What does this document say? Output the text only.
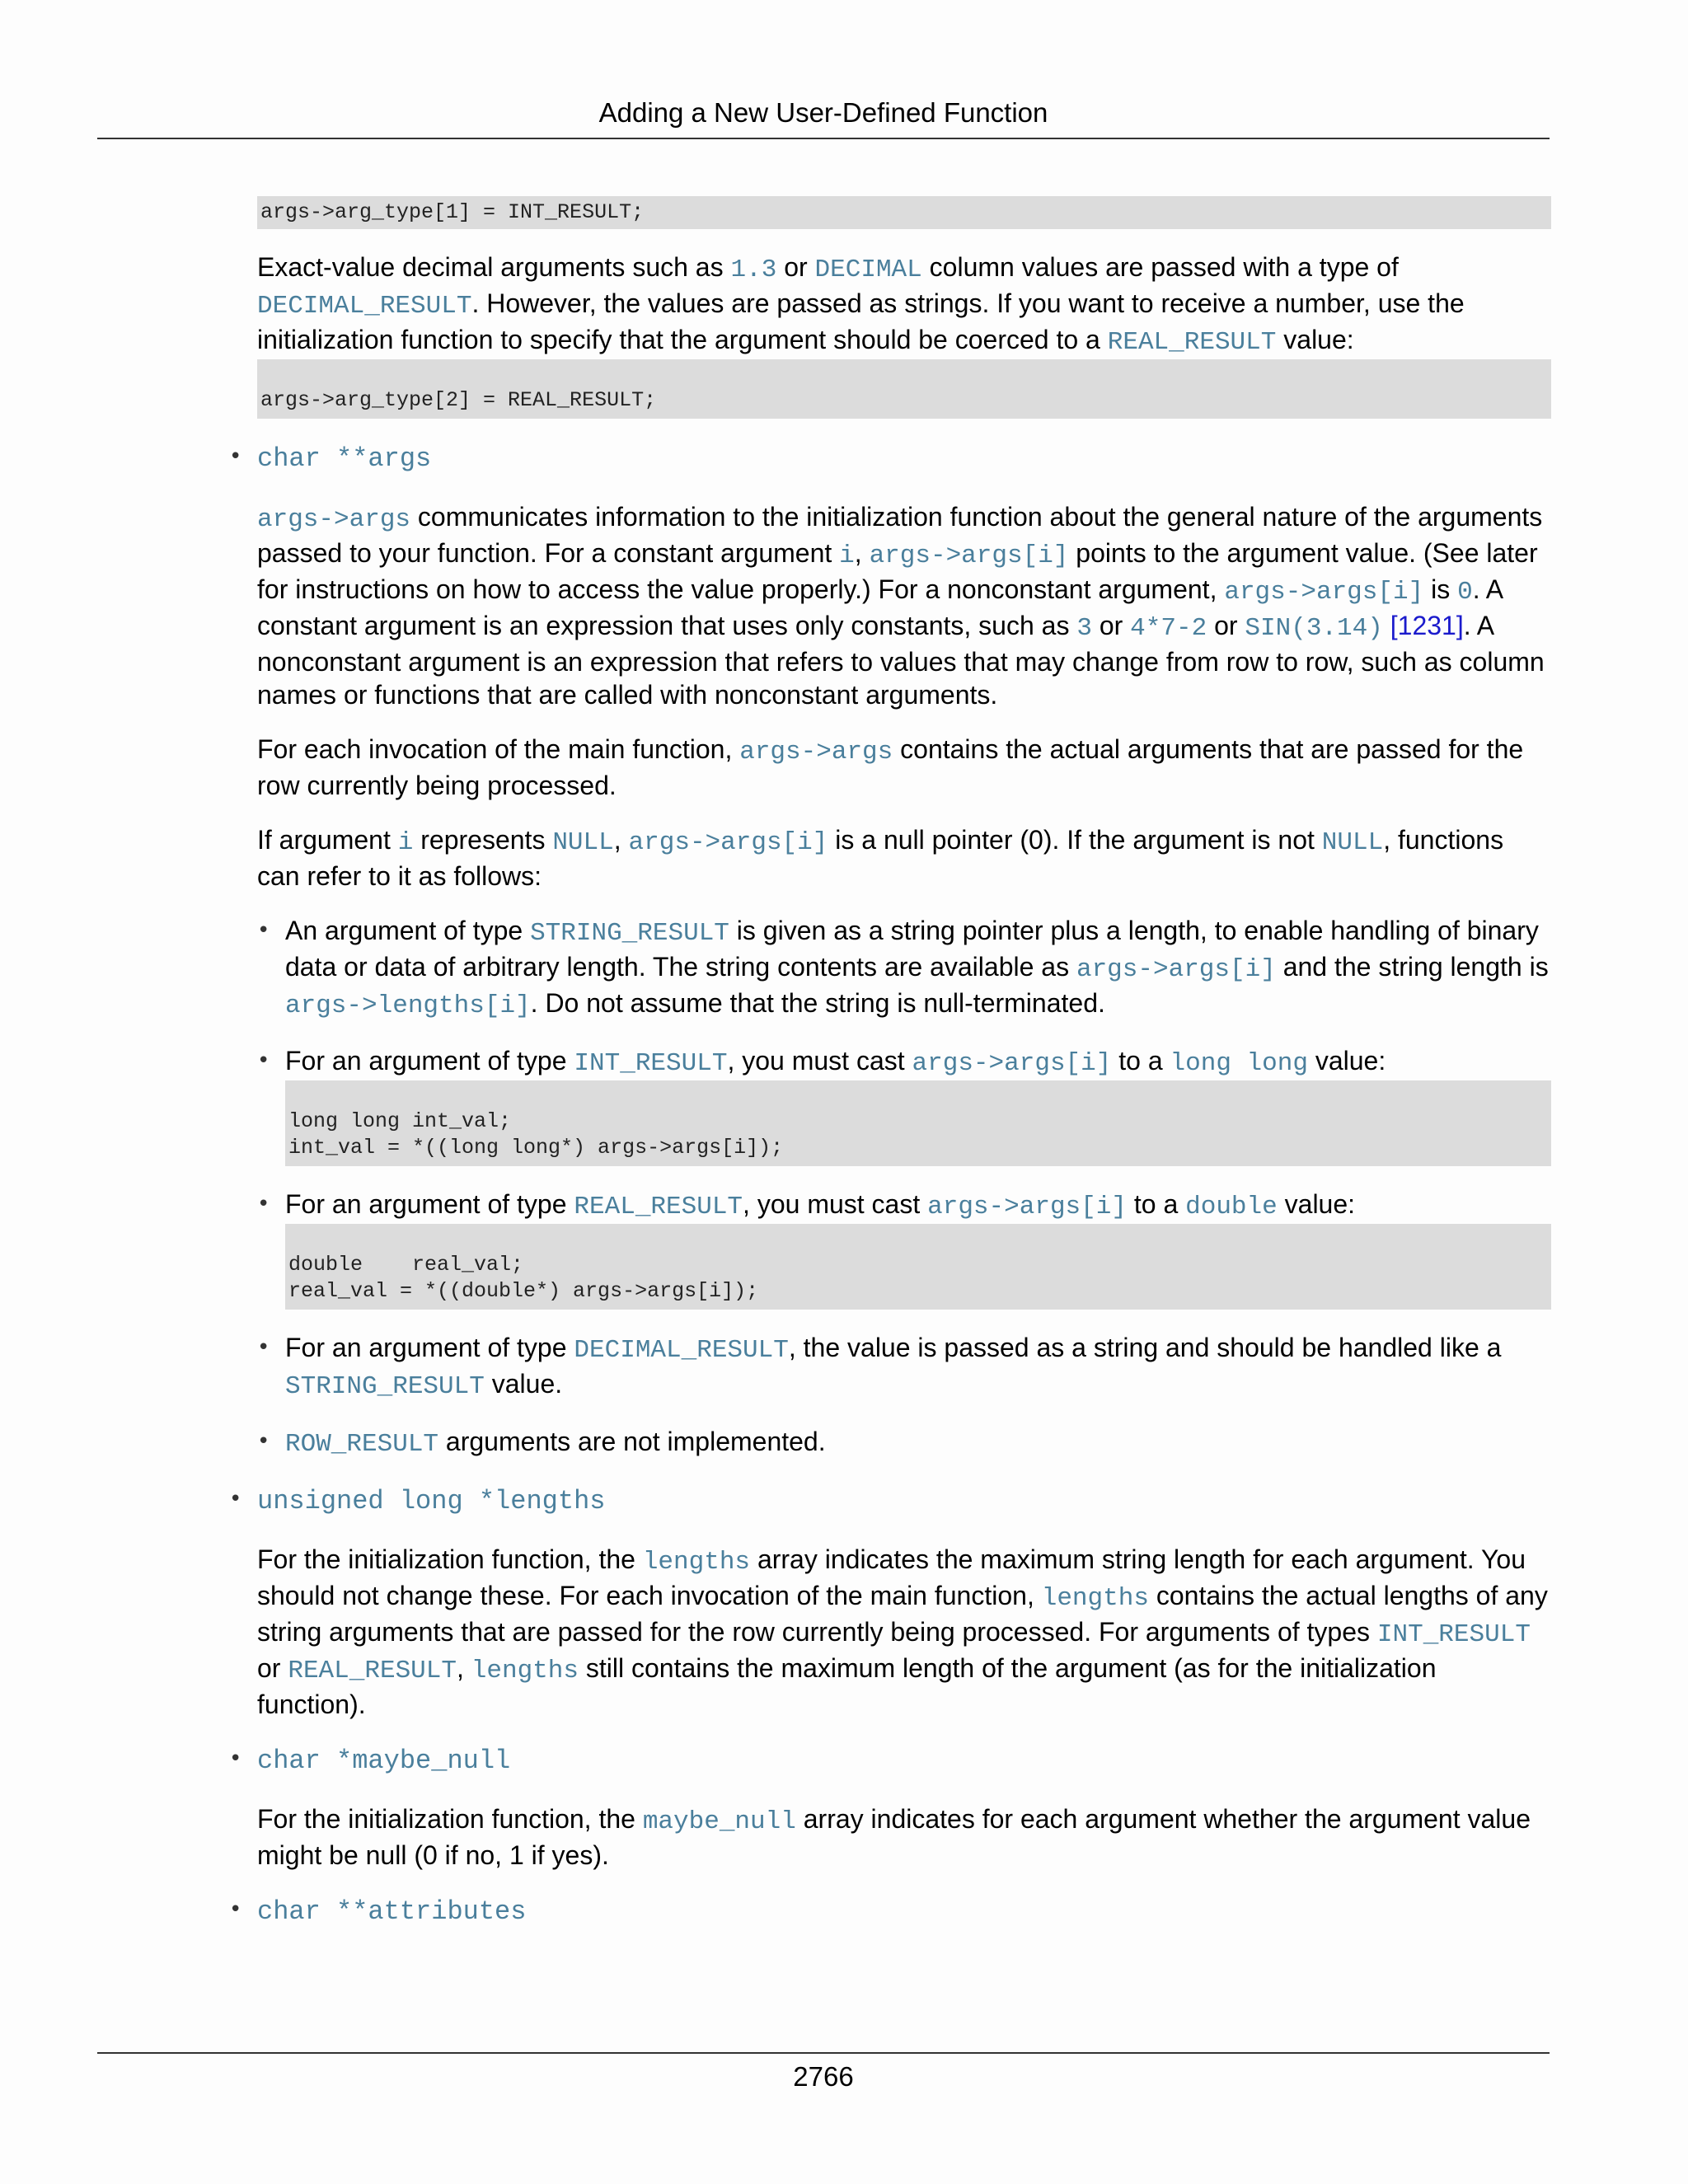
Adding a New User-Defined Function
args->arg_type[1] = INT_RESULT;

Exact-value decimal arguments such as 1.3 or DECIMAL column values are passed with a type of DECIMAL_RESULT. However, the values are passed as strings. If you want to receive a number, use the initialization function to specify that the argument should be coerced to a REAL_RESULT value:

args->arg_type[2] = REAL_RESULT;
• char **args

args->args communicates information to the initialization function about the general nature of the arguments passed to your function. For a constant argument i, args->args[i] points to the argument value. (See later for instructions on how to access the value properly.) For a nonconstant argument, args->args[i] is 0. A constant argument is an expression that uses only constants, such as 3 or 4*7-2 or SIN(3.14) [1231]. A nonconstant argument is an expression that refers to values that may change from row to row, such as column names or functions that are called with nonconstant arguments.

For each invocation of the main function, args->args contains the actual arguments that are passed for the row currently being processed.

If argument i represents NULL, args->args[i] is a null pointer (0). If the argument is not NULL, functions can refer to it as follows:

• An argument of type STRING_RESULT is given as a string pointer plus a length, to enable handling of binary data or data of arbitrary length. The string contents are available as args->args[i] and the string length is args->lengths[i]. Do not assume that the string is null-terminated.

• For an argument of type INT_RESULT, you must cast args->args[i] to a long long value:

long long int_val;
int_val = *((long long*) args->args[i]);

• For an argument of type REAL_RESULT, you must cast args->args[i] to a double value:

double    real_val;
real_val = *((double*) args->args[i]);

• For an argument of type DECIMAL_RESULT, the value is passed as a string and should be handled like a STRING_RESULT value.

• ROW_RESULT arguments are not implemented.

• unsigned long *lengths

For the initialization function, the lengths array indicates the maximum string length for each argument. You should not change these. For each invocation of the main function, lengths contains the actual lengths of any string arguments that are passed for the row currently being processed. For arguments of types INT_RESULT or REAL_RESULT, lengths still contains the maximum length of the argument (as for the initialization function).

• char *maybe_null

For the initialization function, the maybe_null array indicates for each argument whether the argument value might be null (0 if no, 1 if yes).

• char **attributes
2766
